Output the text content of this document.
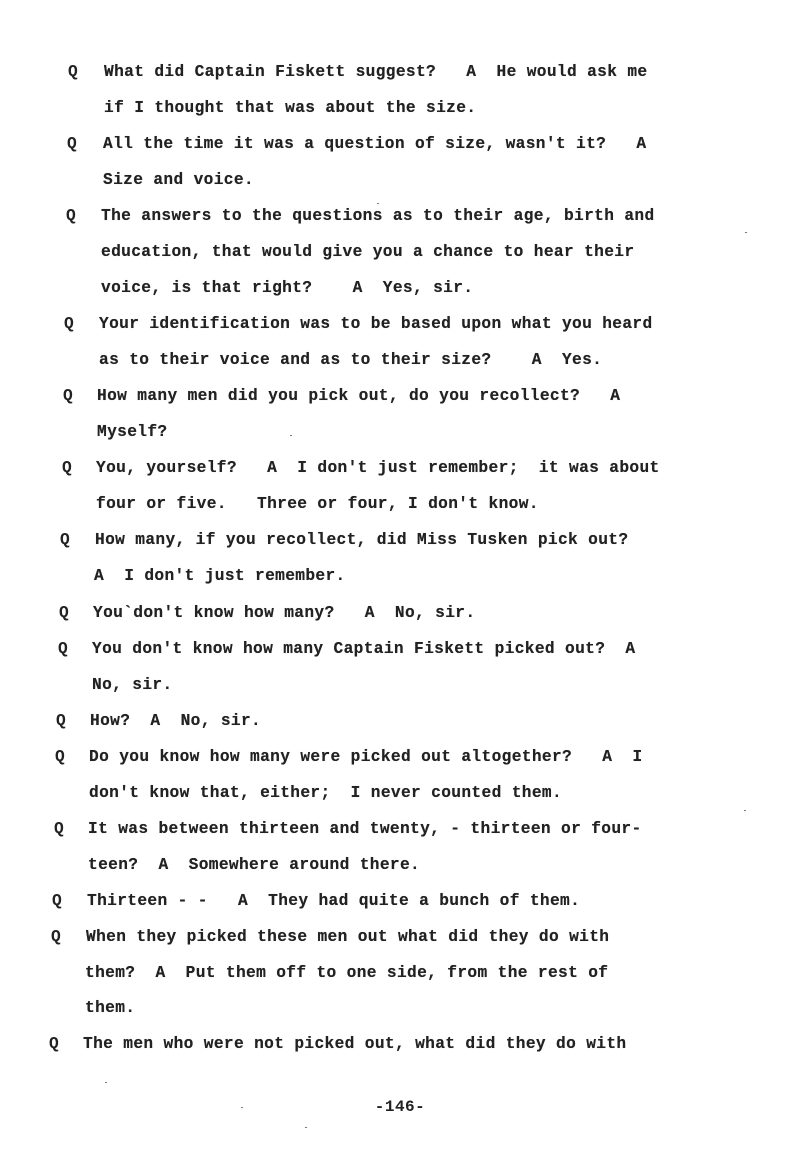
Q What did Captain Fiskett suggest?   A  He would ask me
if I thought that was about the size.
Q All the time it was a question of size, wasn't it?   A
Size and voice.
Q The answers to the questions as to their age, birth and
education, that would give you a chance to hear their
voice, is that right?    A  Yes, sir.
Q Your identification was to be based upon what you heard
as to their voice and as to their size?    A  Yes.
Q How many men did you pick out, do you recollect?   A
Myself?
Q You, yourself?   A  I don't just remember;  it was about
four or five.   Three or four, I don't know.
Q How many, if you recollect, did Miss Tusken pick out?
A  I don't just remember.
Q You`don't know how many?   A  No, sir.
Q You don't know how many Captain Fiskett picked out?  A
No, sir.
Q How?  A  No, sir.
Q Do you know how many were picked out altogether?   A  I
don't know that, either;  I never counted them.
Q It was between thirteen and twenty, - thirteen or four-
teen?  A  Somewhere around there.
Q Thirteen - -   A  They had quite a bunch of them.
Q When they picked these men out what did they do with
them?  A  Put them off to one side, from the rest of
them.
Q The men who were not picked out, what did they do with
-146-
